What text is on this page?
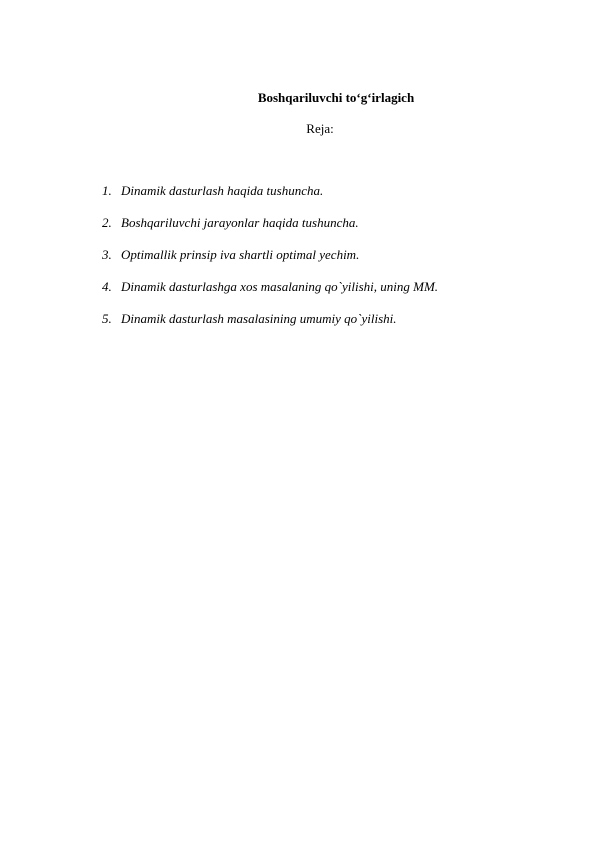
Boshqariluvchi to‘g‘irlagich
Reja:
1. Dinamik dasturlash haqida tushuncha.
2. Boshqariluvchi jarayonlar haqida tushuncha.
3. Optimallik prinsip iva shartli optimal yechim.
4. Dinamik dasturlashga xos masalaning qo`yilishi, uning MM.
5. Dinamik dasturlash masalasining umumiy qo`yilishi.
